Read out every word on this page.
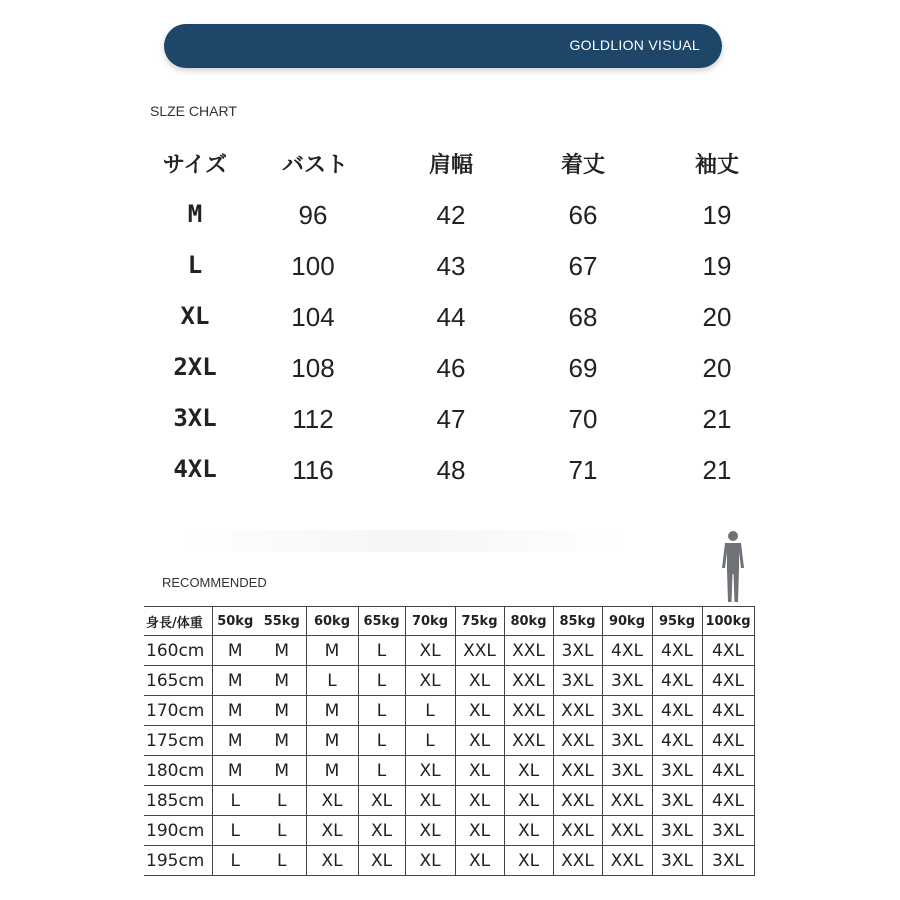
GOLDLION VISUAL
SLZE CHART
サイズ	バスト	肩幅	着丈	袖丈
M	96	42	66	19
L	100	43	67	19
XL	104	44	68	20
2XL	108	46	69	20
3XL	112	47	70	21
4XL	116	48	71	21
RECOMMENDED
身長/体重	50kg	55kg	60kg	65kg	70kg	75kg	80kg	85kg	90kg	95kg	100kg
160cm	M	M	M	L	XL	XXL	XXL	3XL	4XL	4XL	4XL
165cm	M	M	L	L	XL	XL	XXL	3XL	3XL	4XL	4XL
170cm	M	M	M	L	L	XL	XXL	XXL	3XL	4XL	4XL
175cm	M	M	M	L	L	XL	XXL	XXL	3XL	4XL	4XL
180cm	M	M	M	L	XL	XL	XL	XXL	3XL	3XL	4XL
185cm	L	L	XL	XL	XL	XL	XL	XXL	XXL	3XL	4XL
190cm	L	L	XL	XL	XL	XL	XL	XXL	XXL	3XL	3XL
195cm	L	L	XL	XL	XL	XL	XL	XXL	XXL	3XL	3XL
